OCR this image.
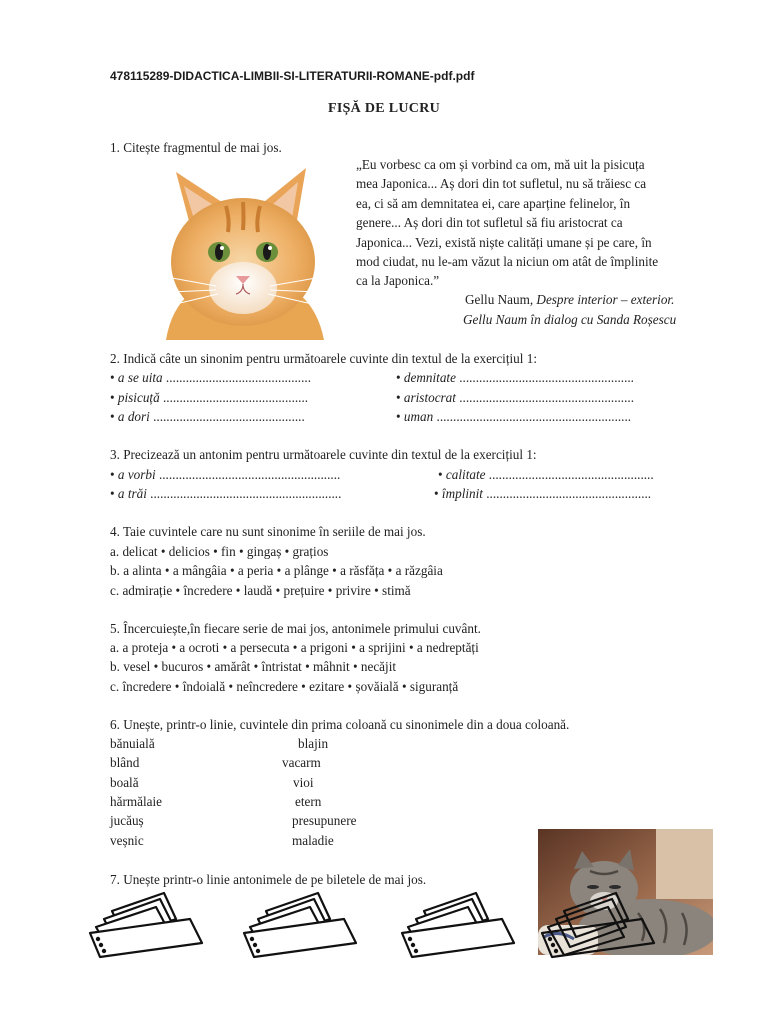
478115289-DIDACTICA-LIMBII-SI-LITERATURII-ROMANE-pdf.pdf
FIȘĂ DE LUCRU
1. Citește fragmentul de mai jos.
„Eu vorbesc ca om și vorbind ca om, mă uit la pisicuța
mea Japonica... Aș dori din tot sufletul, nu să trăiesc ca
ea, ci să am demnitatea ei, care aparține felinelor, în
genere... Aș dori din tot sufletul să fiu aristocrat ca
Japonica... Vezi, există niște calități umane și pe care, în
mod ciudat, nu le-am văzut la niciun om atât de împlinite
ca la Japonica.”
Gellu Naum, Despre interior – exterior.
Gellu Naum în dialog cu Sanda Roșescu
2. Indică câte un sinonim pentru următoarele cuvinte din textul de la exercițiul 1:
• a se uita ............................................
• pisicuță ............................................
• a dori ..............................................
• demnitate .....................................................
• aristocrat .....................................................
• uman ...........................................................
3. Precizează un antonim pentru următoarele cuvinte din textul de la exercițiul 1:
• a vorbi .......................................................
• a trăi ..........................................................
• calitate ..................................................
• împlinit ..................................................
4. Taie cuvintele care nu sunt sinonime în seriile de mai jos.
a. delicat • delicios • fin • gingaș • grațios
b. a alinta • a mângâia • a peria • a plânge • a răsfăța • a răzgâia
c. admirație • încredere • laudă • prețuire • privire • stimă
5. Încercuiește,în fiecare serie de mai jos, antonimele primului cuvânt.
a. a proteja • a ocroti • a persecuta • a prigoni • a sprijini • a nedreptăți
b. vesel • bucuros • amărât • întristat • mâhnit • necăjit
c. încredere • îndoială • neîncredere • ezitare • șovăială • siguranță
6. Unește, printr-o linie, cuvintele din prima coloană cu sinonimele din a doua coloană.
bănuială
blând
boală
hărmălaie
jucăuș
veșnic
blajin
vacarm
vioi
etern
presupunere
maladie
7. Unește printr-o linie antonimele de pe biletele de mai jos.
